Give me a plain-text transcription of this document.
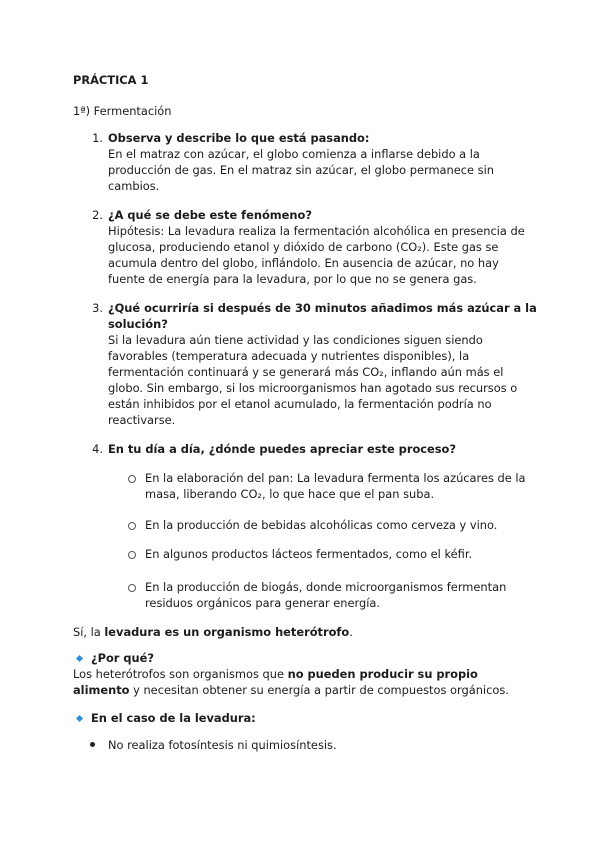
PRÁCTICA 1
1ª) Fermentación
1. Observa y describe lo que está pasando:
En el matraz con azúcar, el globo comienza a inflarse debido a la
producción de gas. En el matraz sin azúcar, el globo permanece sin
cambios.
2. ¿A qué se debe este fenómeno?
Hipótesis: La levadura realiza la fermentación alcohólica en presencia de
glucosa, produciendo etanol y dióxido de carbono (CO₂). Este gas se
acumula dentro del globo, inflándolo. En ausencia de azúcar, no hay
fuente de energía para la levadura, por lo que no se genera gas.
3. ¿Qué ocurriría si después de 30 minutos añadimos más azúcar a la
solución?
Si la levadura aún tiene actividad y las condiciones siguen siendo
favorables (temperatura adecuada y nutrientes disponibles), la
fermentación continuará y se generará más CO₂, inflando aún más el
globo. Sin embargo, si los microorganismos han agotado sus recursos o
están inhibidos por el etanol acumulado, la fermentación podría no
reactivarse.
4. En tu día a día, ¿dónde puedes apreciar este proceso?
En la elaboración del pan: La levadura fermenta los azúcares de la
masa, liberando CO₂, lo que hace que el pan suba.
En la producción de bebidas alcohólicas como cerveza y vino.
En algunos productos lácteos fermentados, como el kéfir.
En la producción de biogás, donde microorganismos fermentan
residuos orgánicos para generar energía.
Sí, la levadura es un organismo heterótrofo.
¿Por qué?
Los heterótrofos son organismos que no pueden producir su propio
alimento y necesitan obtener su energía a partir de compuestos orgánicos.
En el caso de la levadura:
No realiza fotosíntesis ni quimiosíntesis.
